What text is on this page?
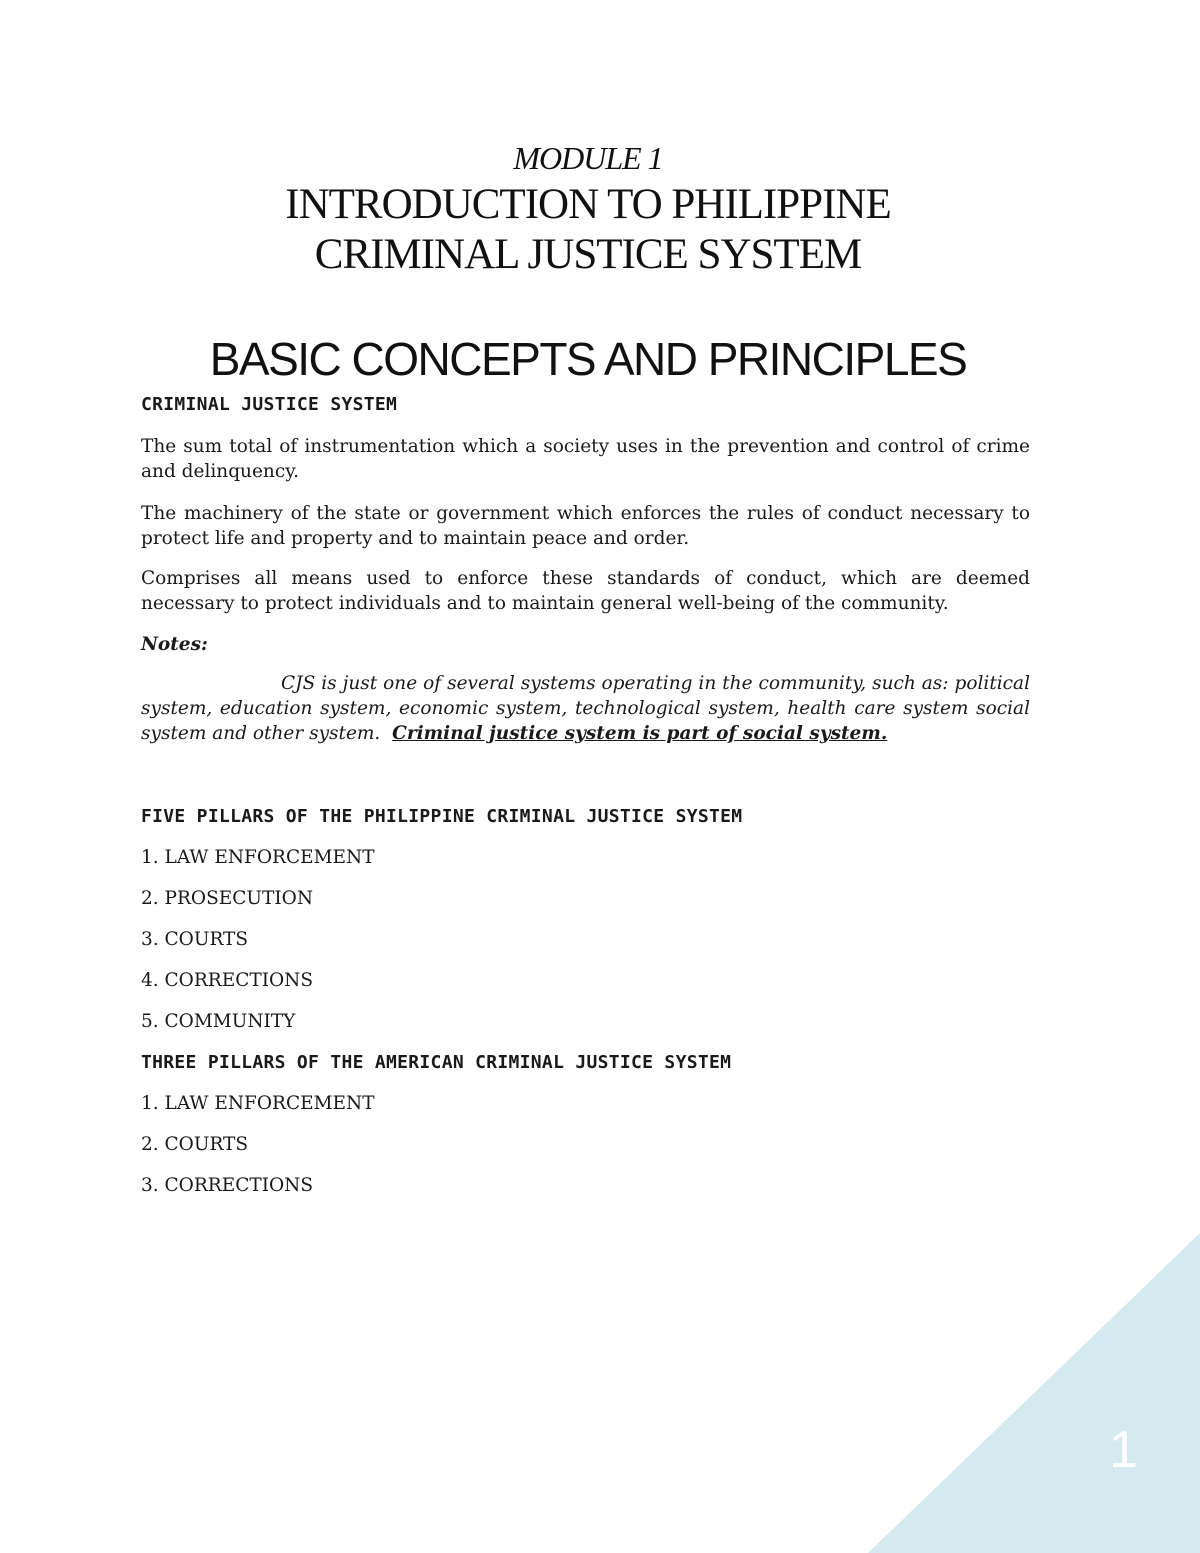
1
MODULE 1
INTRODUCTION TO PHILIPPINE
CRIMINAL JUSTICE SYSTEM
BASIC CONCEPTS AND PRINCIPLES

CRIMINAL JUSTICE SYSTEM

The sum total of instrumentation which a society uses in the prevention and control of crime and delinquency.

The machinery of the state or government which enforces the rules of conduct necessary to protect life and property and to maintain peace and order.

Comprises all means used to enforce these standards of conduct, which are deemed necessary to protect individuals and to maintain general well-being of the community.

Notes:

CJS is just one of several systems operating in the community, such as: political system, education system, economic system, technological system, health care system social system and other system. Criminal justice system is part of social system.

FIVE PILLARS OF THE PHILIPPINE CRIMINAL JUSTICE SYSTEM

1. LAW ENFORCEMENT

2. PROSECUTION

3. COURTS

4. CORRECTIONS

5. COMMUNITY

THREE PILLARS OF THE AMERICAN CRIMINAL JUSTICE SYSTEM

1. LAW ENFORCEMENT

2. COURTS

3. CORRECTIONS
